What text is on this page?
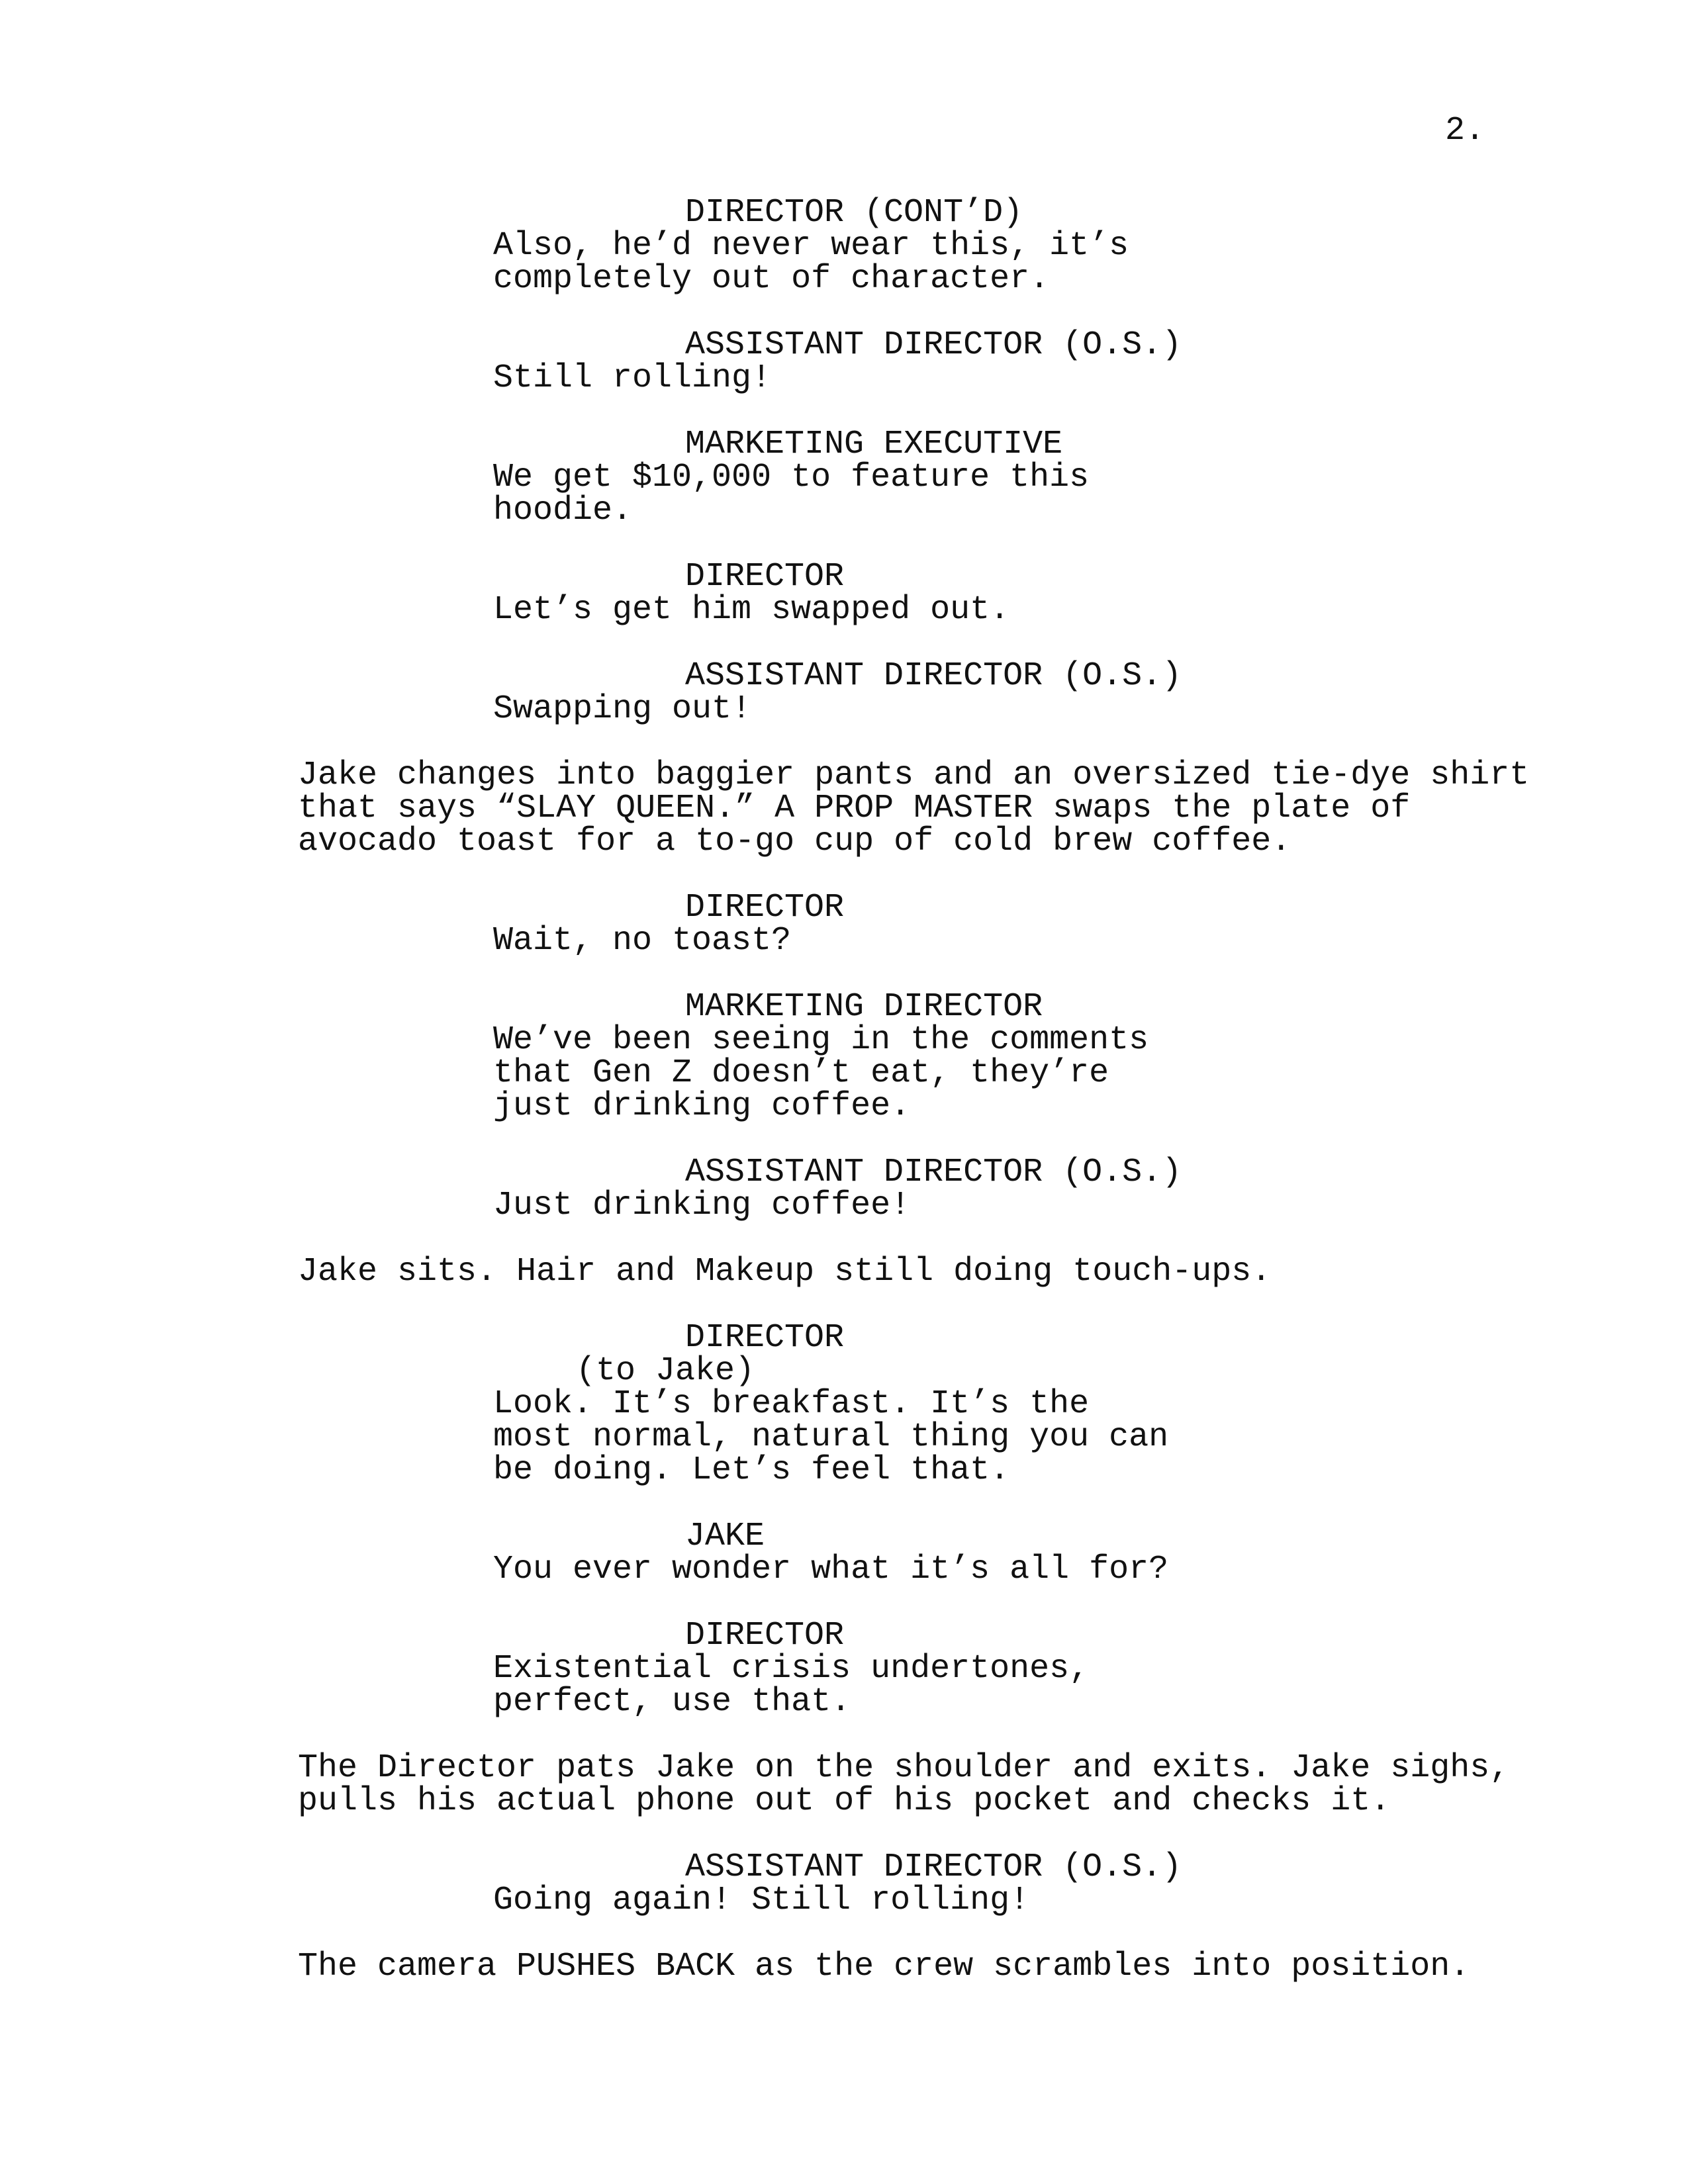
2.
DIRECTOR (CONT’D)
Also, he’d never wear this, it’s
completely out of character.
ASSISTANT DIRECTOR (O.S.)
Still rolling!
MARKETING EXECUTIVE
We get $10,000 to feature this
hoodie.
DIRECTOR
Let’s get him swapped out.
ASSISTANT DIRECTOR (O.S.)
Swapping out!
Jake changes into baggier pants and an oversized tie-dye shirt
that says “SLAY QUEEN.” A PROP MASTER swaps the plate of
avocado toast for a to-go cup of cold brew coffee.
DIRECTOR
Wait, no toast?
MARKETING DIRECTOR
We’ve been seeing in the comments
that Gen Z doesn’t eat, they’re
just drinking coffee.
ASSISTANT DIRECTOR (O.S.)
Just drinking coffee!
Jake sits. Hair and Makeup still doing touch-ups.
DIRECTOR
(to Jake)
Look. It’s breakfast. It’s the
most normal, natural thing you can
be doing. Let’s feel that.
JAKE
You ever wonder what it’s all for?
DIRECTOR
Existential crisis undertones,
perfect, use that.
The Director pats Jake on the shoulder and exits. Jake sighs,
pulls his actual phone out of his pocket and checks it.
ASSISTANT DIRECTOR (O.S.)
Going again! Still rolling!
The camera PUSHES BACK as the crew scrambles into position.
